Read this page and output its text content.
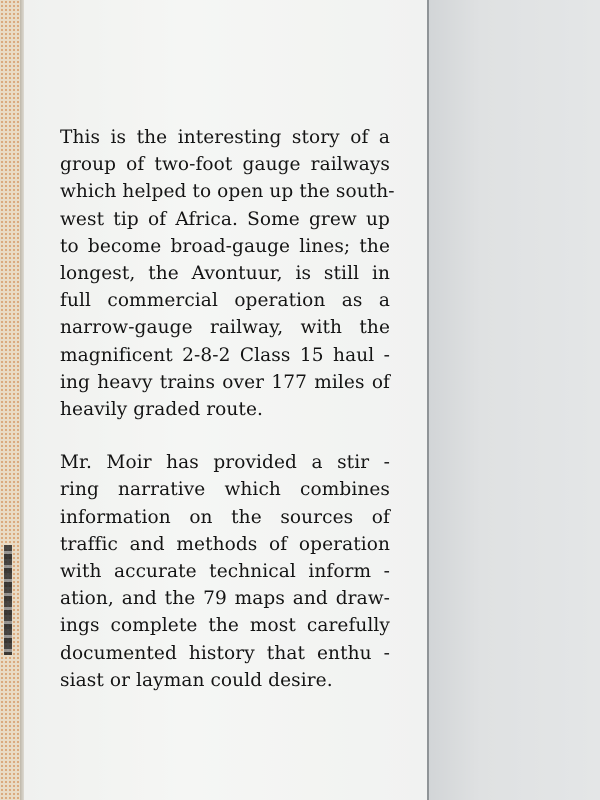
This is the interesting story of a
group of two-foot gauge railways
which helped to open up the south-
west tip of Africa. Some grew up
to become broad-gauge lines; the
longest, the Avontuur, is still in
full commercial operation as a
narrow-gauge railway, with the
magnificent 2-8-2 Class 15 haul -
ing heavy trains over 177 miles of
heavily graded route.

Mr. Moir has provided a stir -
ring narrative which combines
information on the sources of
traffic and methods of operation
with accurate technical inform -
ation, and the 79 maps and draw-
ings complete the most carefully
documented history that enthu -
siast or layman could desire.
